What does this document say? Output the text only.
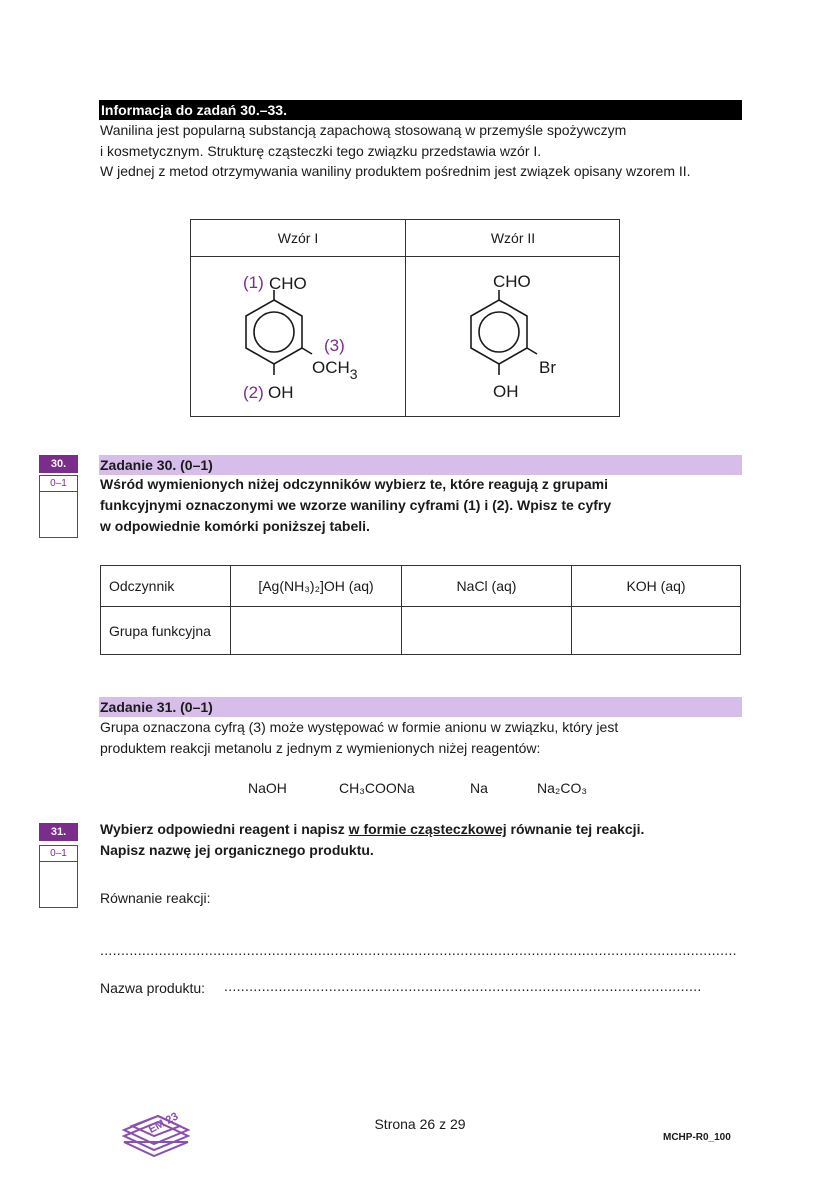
Informacja do zadań 30.–33.
Wanilina jest popularną substancją zapachową stosowaną w przemyśle spożywczym
i kosmetycznym. Strukturę cząsteczki tego związku przedstawia wzór I.
W jednej z metod otrzymywania waniliny produktem pośrednim jest związek opisany wzorem II.
Wzór I	Wzór II
(1) CHO
(3)
$OCH_3$
(2) OH
CHO
Br
OH
30.
0–1
Zadanie 30. (0–1)
Wśród wymienionych niżej odczynników wybierz te, które reagują z grupami
funkcyjnymi oznaczonymi we wzorze waniliny cyframi (1) i (2). Wpisz te cyfry
w odpowiednie komórki poniższej tabeli.
Odczynnik	[Ag(NH₃)₂]OH (aq)	NaCl (aq)	KOH (aq)
Grupa funkcyjna			
Zadanie 31. (0–1)
Grupa oznaczona cyfrą (3) może występować w formie anionu w związku, który jest
produktem reakcji metanolu z jednym z wymienionych niżej reagentów:
NaOH	CH₃COONa	Na	Na₂CO₃
31.
0–1
Wybierz odpowiedni reagent i napisz w formie cząsteczkowej równanie tej reakcji.
Napisz nazwę jej organicznego produktu.
Równanie reakcji:
........................................................................................................................................................
Nazwa produktu: ..................................................................................................................
EM 23	Strona 26 z 29
MCHP-R0_100
